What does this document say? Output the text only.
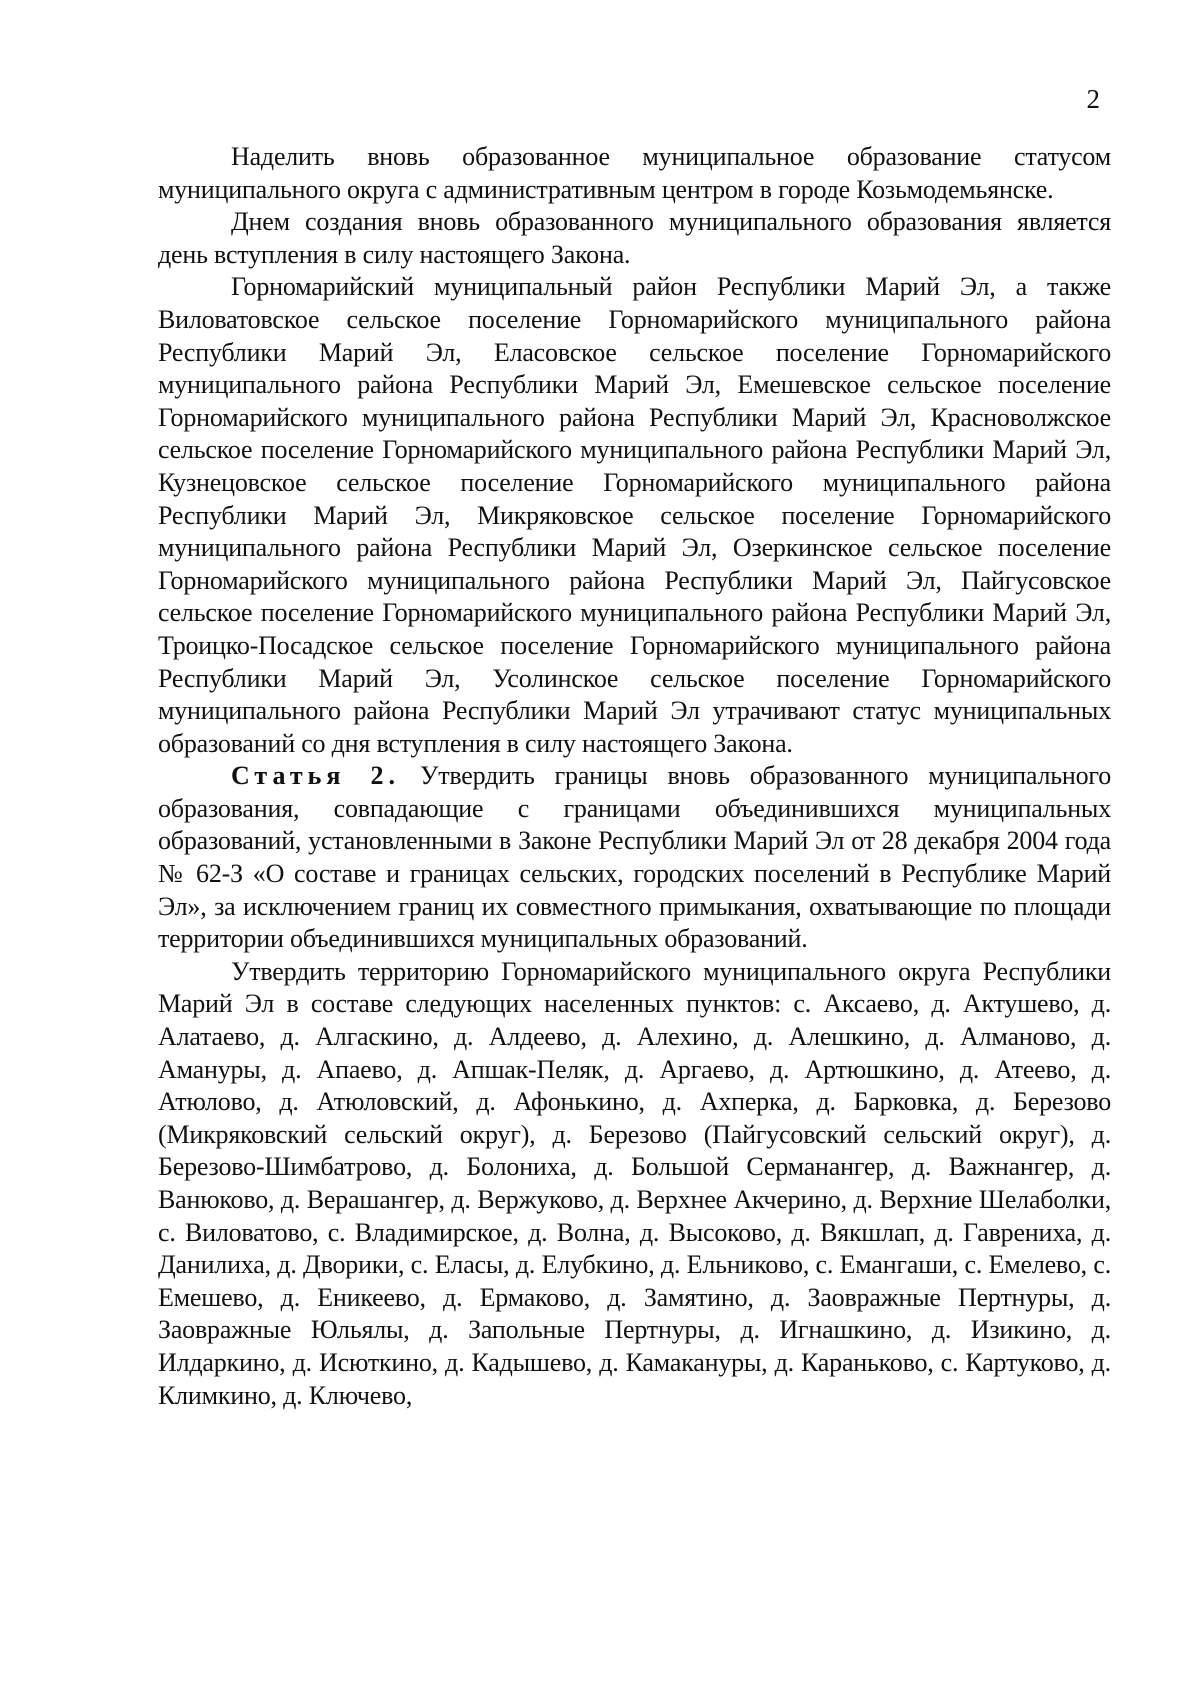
2

Наделить вновь образованное муниципальное образование статусом муниципального округа с административным центром в городе Козьмодемьянске.

Днем создания вновь образованного муниципального образования является день вступления в силу настоящего Закона.

Горномарийский муниципальный район Республики Марий Эл, а также Виловатовское сельское поселение Горномарийского муниципального района Республики Марий Эл, Еласовское сельское поселение Горномарийского муниципального района Республики Марий Эл, Емешевское сельское поселение Горномарийского муниципального района Республики Марий Эл, Красноволжское сельское поселение Горномарийского муниципального района Республики Марий Эл, Кузнецовское сельское поселение Горномарийского муниципального района Республики Марий Эл, Микряковское сельское поселение Горномарийского муниципального района Республики Марий Эл, Озеркинское сельское поселение Горномарийского муниципального района Республики Марий Эл, Пайгусовское сельское поселение Горномарийского муниципального района Республики Марий Эл, Троицко-Посадское сельское поселение Горномарийского муниципального района Республики Марий Эл, Усолинское сельское поселение Горномарийского муниципального района Республики Марий Эл утрачивают статус муниципальных образований со дня вступления в силу настоящего Закона.

Статья 2. Утвердить границы вновь образованного муниципального образования, совпадающие с границами объединившихся муниципальных образований, установленными в Законе Республики Марий Эл от 28 декабря 2004 года № 62-З «О составе и границах сельских, городских поселений в Республике Марий Эл», за исключением границ их совместного примыкания, охватывающие по площади территории объединившихся муниципальных образований.

Утвердить территорию Горномарийского муниципального округа Республики Марий Эл в составе следующих населенных пунктов: с. Аксаево, д. Актушево, д. Алатаево, д. Алгаскино, д. Алдеево, д. Алехино, д. Алешкино, д. Алманово, д. Амануры, д. Апаево, д. Апшак-Пеляк, д. Аргаево, д. Артюшкино, д. Атеево, д. Атюлово, д. Атюловский, д. Афонькино, д. Ахперка, д. Барковка, д. Березово (Микряковский сельский округ), д. Березово (Пайгусовский сельский округ), д. Березово-Шимбатрово, д. Болониха, д. Большой Серманангер, д. Важнангер, д. Ванюково, д. Верашангер, д. Вержуково, д. Верхнее Акчерино, д. Верхние Шелаболки, с. Виловатово, с. Владимирское, д. Волна, д. Высоково, д. Вякшлап, д. Гаврениха, д. Данилиха, д. Дворики, с. Еласы, д. Елубкино, д. Ельниково, с. Емангаши, с. Емелево, с. Емешево, д. Еникеево, д. Ермаково, д. Замятино, д. Заовражные Пертнуры, д. Заовражные Юльялы, д. Запольные Пертнуры, д. Игнашкино, д. Изикино, д. Илдаркино, д. Исюткино, д. Кадышево, д. Камакануры, д. Караньково, с. Картуково, д. Климкино, д. Ключево,
